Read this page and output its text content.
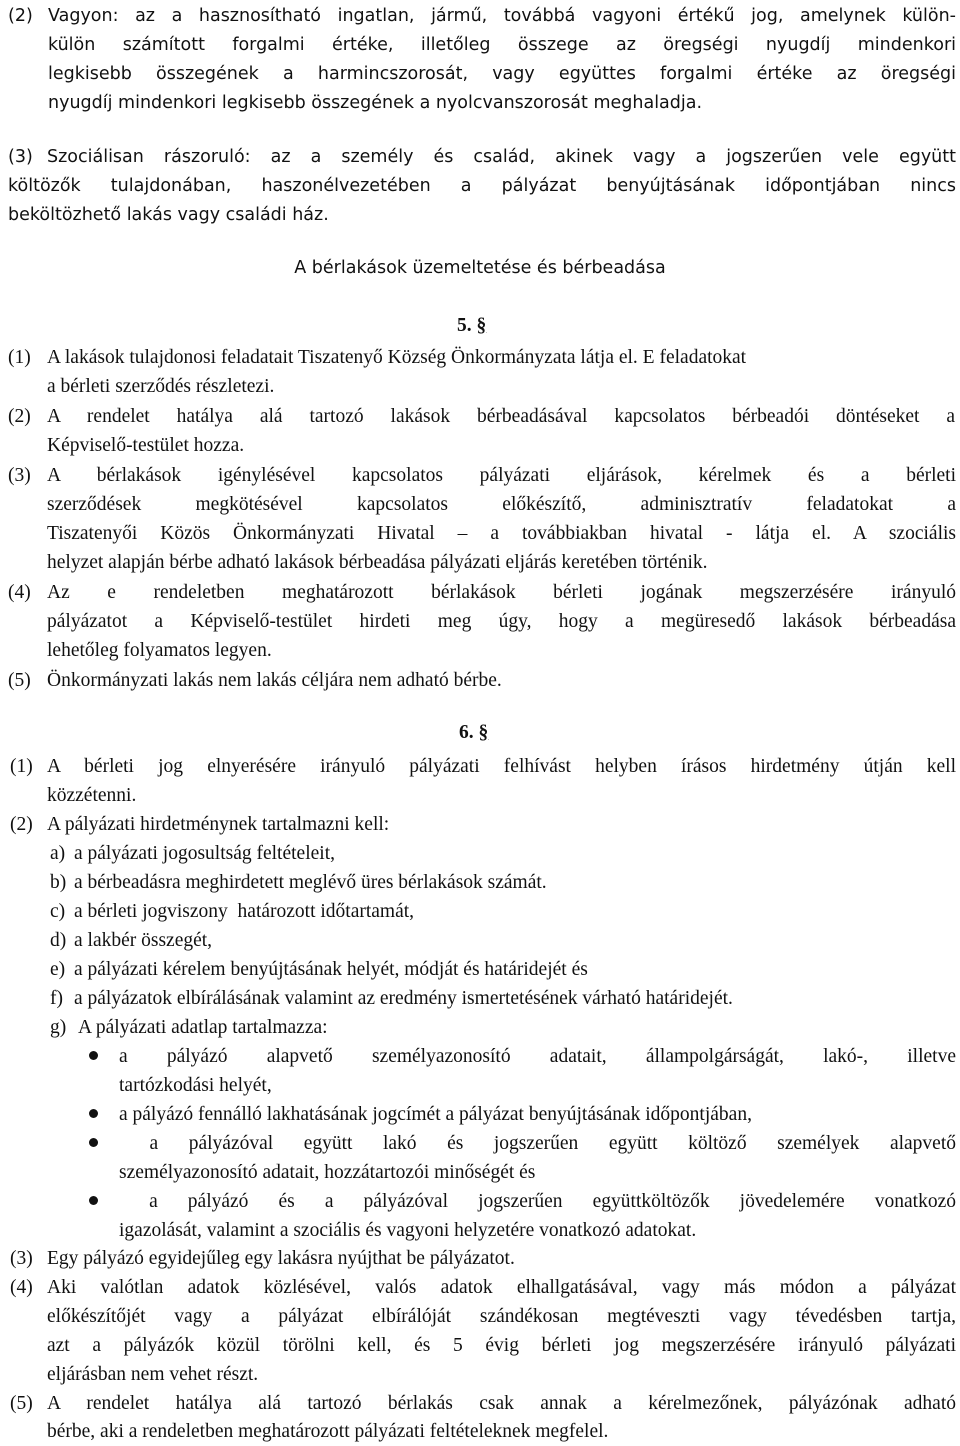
(2) Vagyon: az a hasznosítható ingatlan, jármű, továbbá vagyoni értékű jog, amelynek külön-
külön számított forgalmi értéke, illetőleg összege az öregségi nyugdíj mindenkori
legkisebb összegének a harmincszorosát, vagy együttes forgalmi értéke az öregségi
nyugdíj mindenkori legkisebb összegének a nyolcvanszorosát meghaladja.
(3) Szociálisan rászoruló: az a személy és család, akinek vagy a jogszerűen vele együtt
költözők tulajdonában, haszonélvezetében a pályázat benyújtásának időpontjában nincs
beköltözhető lakás vagy családi ház.
A bérlakások üzemeltetése és bérbeadása
5. §
(1) A lakások tulajdonosi feladatait Tiszatenyő Község Önkormányzata látja el. E feladatokat
a bérleti szerződés részletezi.
(2) A rendelet hatálya alá tartozó lakások bérbeadásával kapcsolatos bérbeadói döntéseket a
Képviselő-testület hozza.
(3) A bérlakások igénylésével kapcsolatos pályázati eljárások, kérelmek és a bérleti
szerződések megkötésével kapcsolatos előkészítő, adminisztratív feladatokat a
Tiszatenyői Közös Önkormányzati Hivatal – a továbbiakban hivatal - látja el. A szociális
helyzet alapján bérbe adható lakások bérbeadása pályázati eljárás keretében történik.
(4) Az e rendeletben meghatározott bérlakások bérleti jogának megszerzésére irányuló
pályázatot a Képviselő-testület hirdeti meg úgy, hogy a megüresedő lakások bérbeadása
lehetőleg folyamatos legyen.
(5) Önkormányzati lakás nem lakás céljára nem adható bérbe.
6. §
(1) A bérleti jog elnyerésére irányuló pályázati felhívást helyben írásos hirdetmény útján kell
közzétenni.
(2) A pályázati hirdetménynek tartalmazni kell:
a) a pályázati jogosultság feltételeit,
b) a bérbeadásra meghirdetett meglévő üres bérlakások számát.
c) a bérleti jogviszony  határozott időtartamát,
d) a lakbér összegét,
e) a pályázati kérelem benyújtásának helyét, módját és határidejét és
f) a pályázatok elbírálásának valamint az eredmény ismertetésének várható határidejét.
g) A pályázati adatlap tartalmazza:
a pályázó alapvető személyazonosító adatait, állampolgárságát, lakó-, illetve
tartózkodási helyét,
a pályázó fennálló lakhatásának jogcímét a pályázat benyújtásának időpontjában,
a pályázóval együtt lakó és jogszerűen együtt költöző személyek alapvető
személyazonosító adatait, hozzátartozói minőségét és
a pályázó és a pályázóval jogszerűen együttköltözők jövedelemére vonatkozó
igazolását, valamint a szociális és vagyoni helyzetére vonatkozó adatokat.
(3) Egy pályázó egyidejűleg egy lakásra nyújthat be pályázatot.
(4) Aki valótlan adatok közlésével, valós adatok elhallgatásával, vagy más módon a pályázat
előkészítőjét vagy a pályázat elbírálóját szándékosan megtéveszti vagy tévedésben tartja,
azt a pályázók közül törölni kell, és 5 évig bérleti jog megszerzésére irányuló pályázati
eljárásban nem vehet részt.
(5) A rendelet hatálya alá tartozó bérlakás csak annak a kérelmezőnek, pályázónak adható
bérbe, aki a rendeletben meghatározott pályázati feltételeknek megfelel.
